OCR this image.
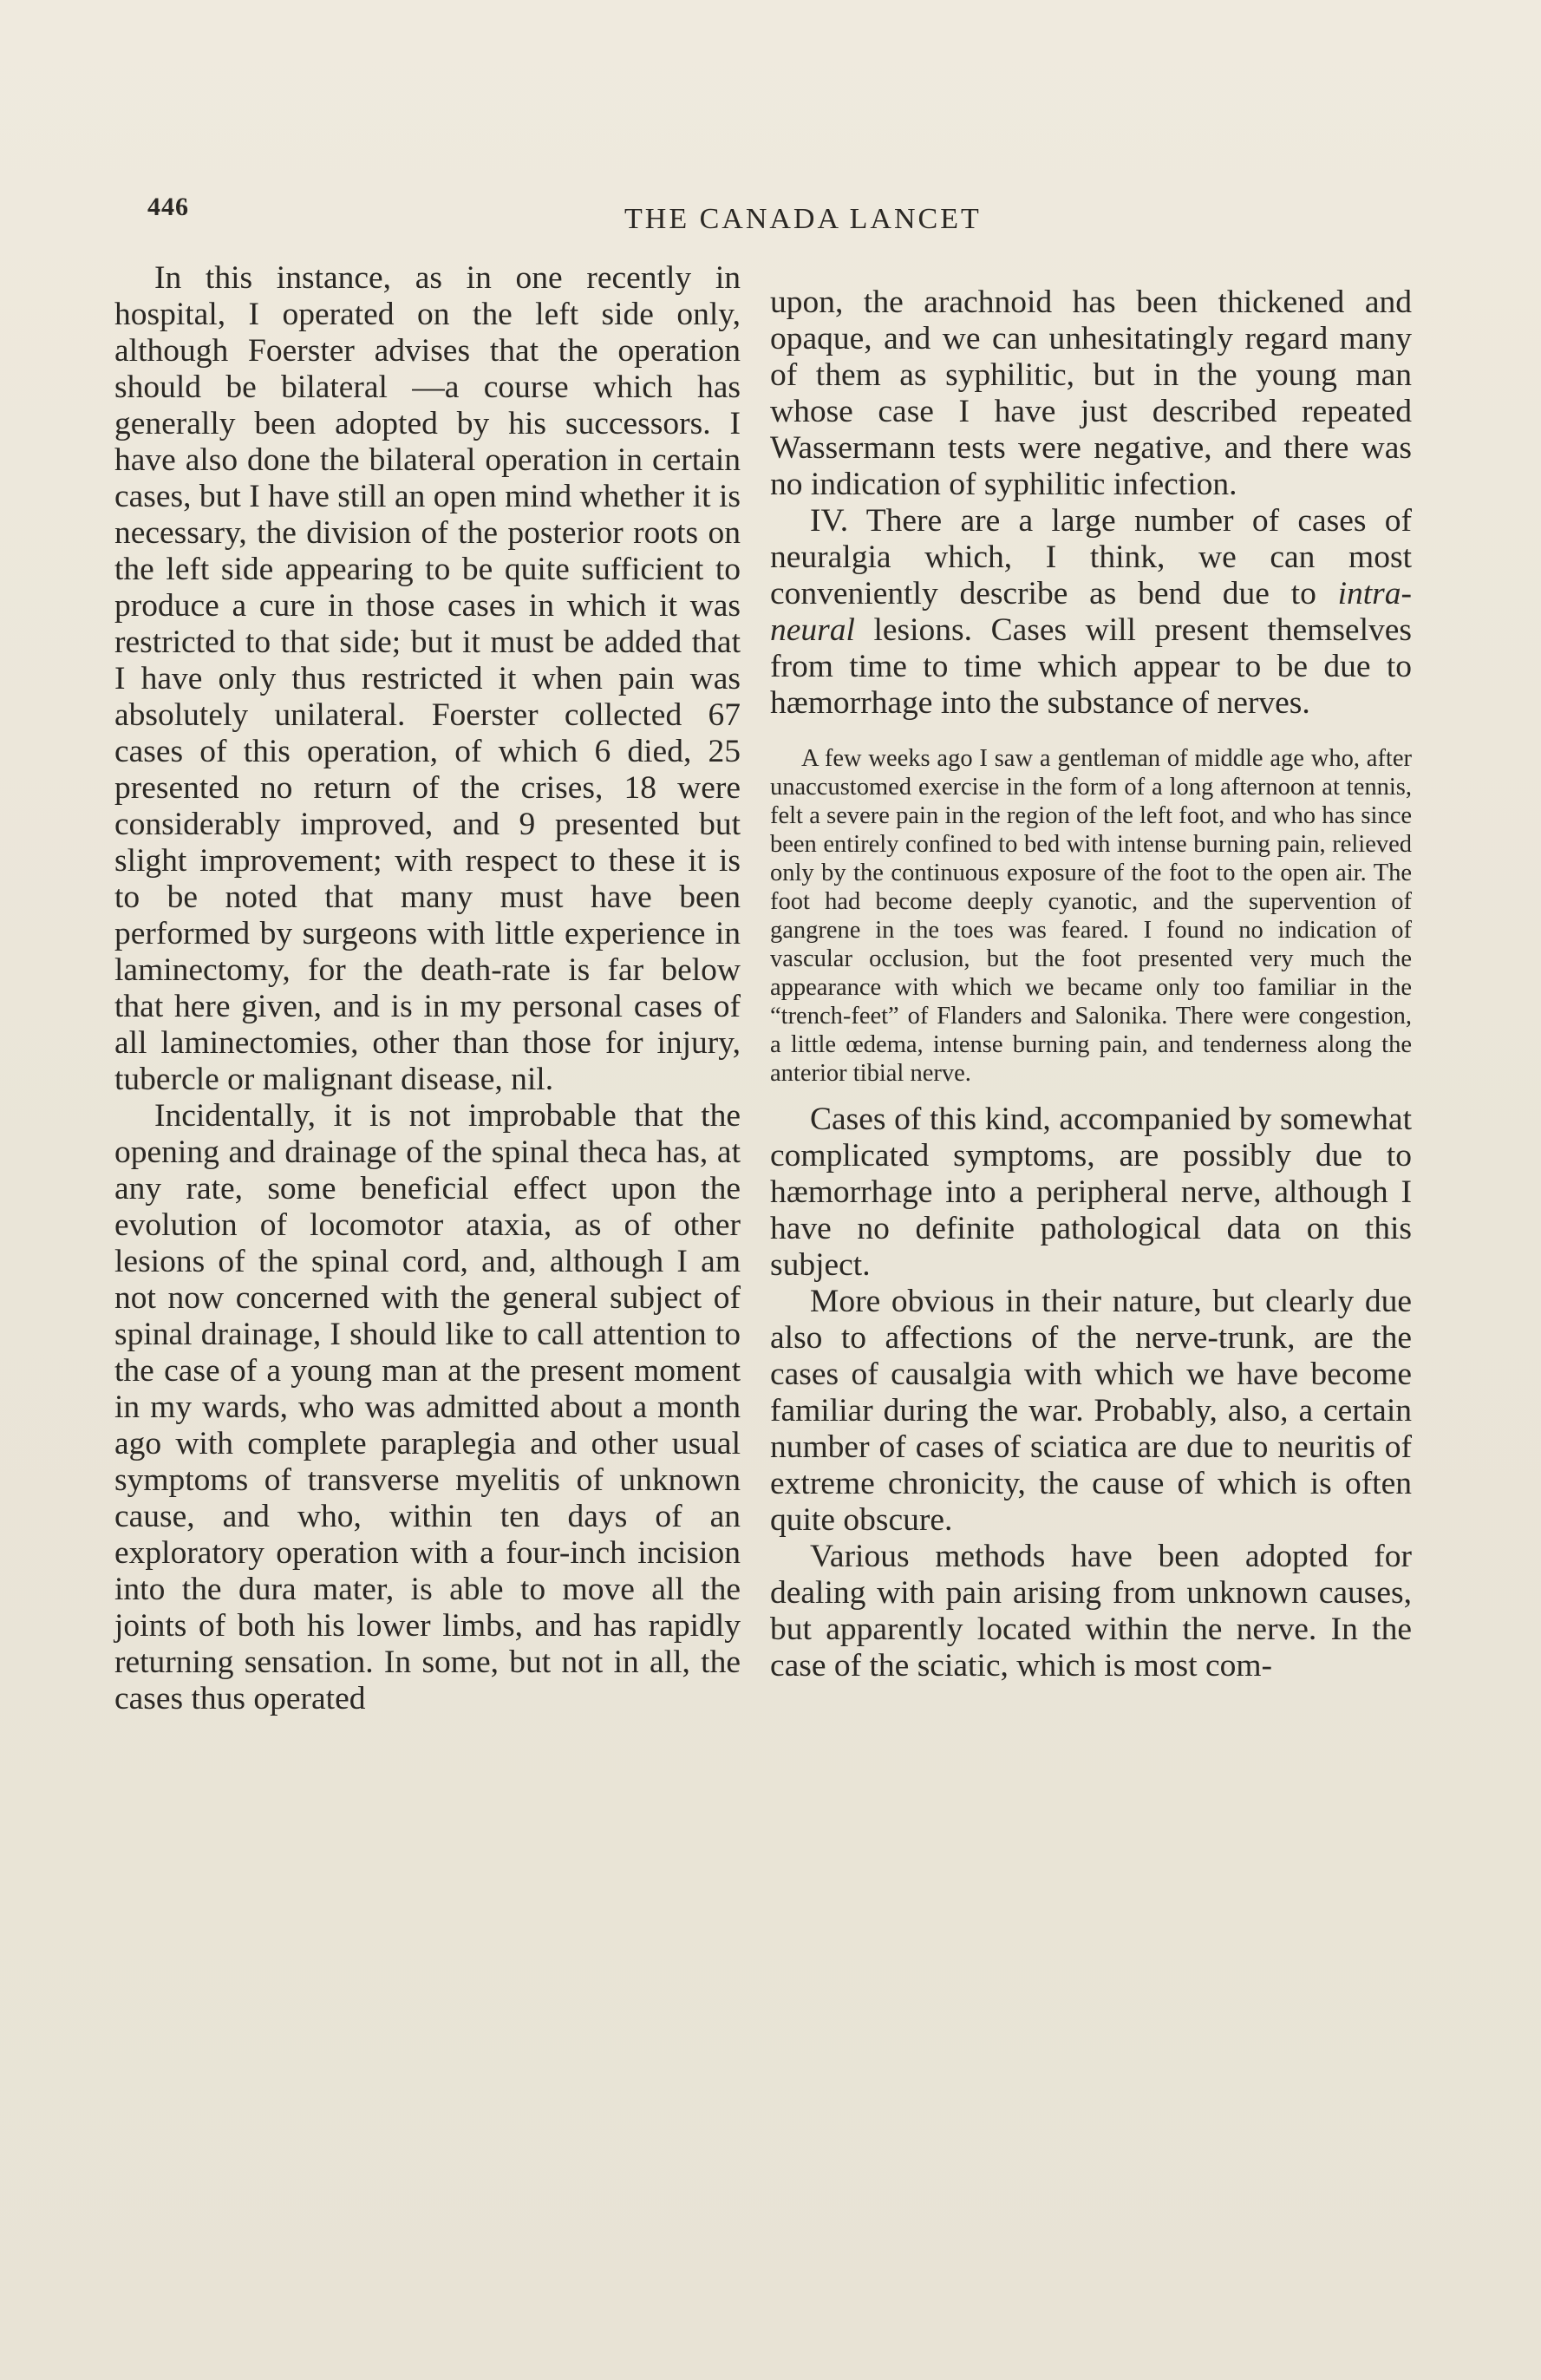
446	THE CANADA LANCET

In this instance, as in one recently in hospital, I operated on the left side only, although Foerster advises that the operation should be bilateral —a course which has generally been adopted by his successors. I have also done the bilateral operation in certain cases, but I have still an open mind whether it is necessary, the division of the posterior roots on the left side appearing to be quite sufficient to produce a cure in those cases in which it was restricted to that side; but it must be added that I have only thus restricted it when pain was absolutely unilateral. Foerster collected 67 cases of this operation, of which 6 died, 25 presented no return of the crises, 18 were considerably improved, and 9 presented but slight improvement; with respect to these it is to be noted that many must have been performed by surgeons with little experience in laminectomy, for the death-rate is far below that here given, and is in my personal cases of all laminectomies, other than those for injury, tubercle or malignant disease, nil.

Incidentally, it is not improbable that the opening and drainage of the spinal theca has, at any rate, some beneficial effect upon the evolution of locomotor ataxia, as of other lesions of the spinal cord, and, although I am not now concerned with the general subject of spinal drainage, I should like to call attention to the case of a young man at the present moment in my wards, who was admitted about a month ago with complete paraplegia and other usual symptoms of transverse myelitis of unknown cause, and who, within ten days of an exploratory operation with a four-inch incision into the dura mater, is able to move all the joints of both his lower limbs, and has rapidly returning sensation. In some, but not in all, the cases thus operated

upon, the arachnoid has been thickened and opaque, and we can unhesitatingly regard many of them as syphilitic, but in the young man whose case I have just described repeated Wassermann tests were negative, and there was no indication of syphilitic infection.

IV. There are a large number of cases of neuralgia which, I think, we can most conveniently describe as bend due to intra-neural lesions. Cases will present themselves from time to time which appear to be due to hæmorrhage into the substance of nerves.

A few weeks ago I saw a gentleman of middle age who, after unaccustomed exercise in the form of a long afternoon at tennis, felt a severe pain in the region of the left foot, and who has since been entirely confined to bed with intense burning pain, relieved only by the continuous exposure of the foot to the open air. The foot had become deeply cyanotic, and the supervention of gangrene in the toes was feared. I found no indication of vascular occlusion, but the foot presented very much the appearance with which we became only too familiar in the “trench-feet” of Flanders and Salonika. There were congestion, a little œdema, intense burning pain, and tenderness along the anterior tibial nerve.

Cases of this kind, accompanied by somewhat complicated symptoms, are possibly due to hæmorrhage into a peripheral nerve, although I have no definite pathological data on this subject.

More obvious in their nature, but clearly due also to affections of the nerve-trunk, are the cases of causalgia with which we have become familiar during the war. Probably, also, a certain number of cases of sciatica are due to neuritis of extreme chronicity, the cause of which is often quite obscure.

Various methods have been adopted for dealing with pain arising from unknown causes, but apparently located within the nerve. In the case of the sciatic, which is most com-
